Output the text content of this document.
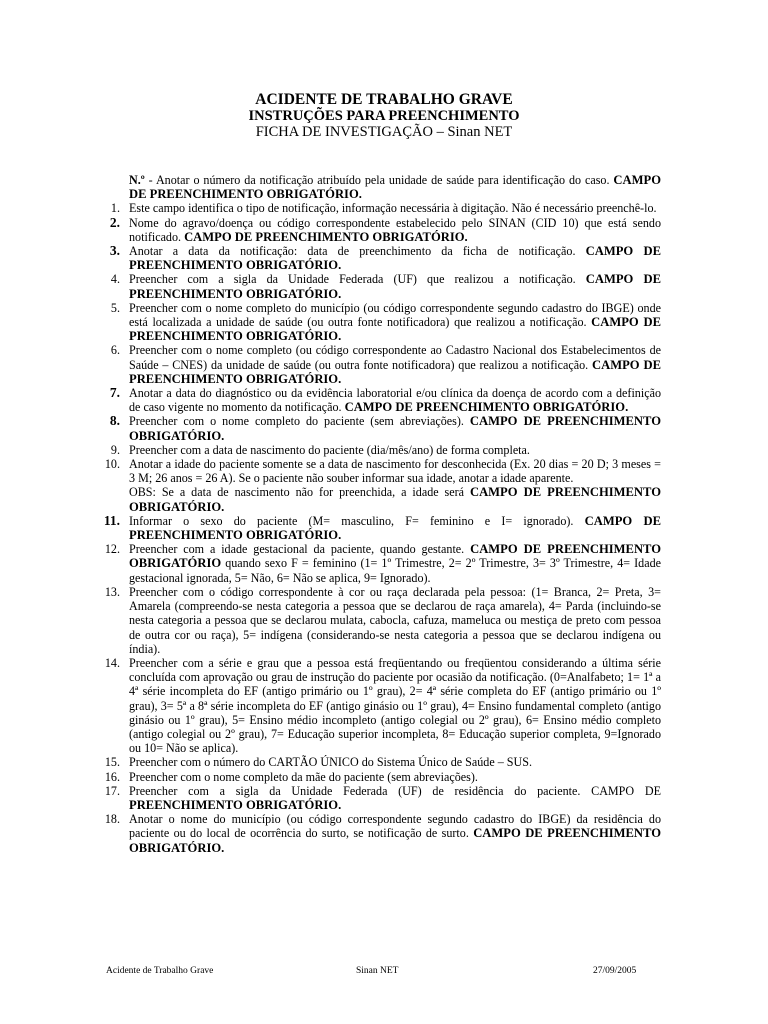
ACIDENTE DE TRABALHO GRAVE
INSTRUÇÕES PARA PREENCHIMENTO
FICHA DE INVESTIGAÇÃO – Sinan NET
N.º - Anotar o número da notificação atribuído pela unidade de saúde para identificação do caso. CAMPO DE PREENCHIMENTO OBRIGATÓRIO.
1. Este campo identifica o tipo de notificação, informação necessária à digitação. Não é necessário preenchê-lo.
2. Nome do agravo/doença ou código correspondente estabelecido pelo SINAN (CID 10) que está sendo notificado. CAMPO DE PREENCHIMENTO OBRIGATÓRIO.
3. Anotar a data da notificação: data de preenchimento da ficha de notificação. CAMPO DE PREENCHIMENTO OBRIGATÓRIO.
4. Preencher com a sigla da Unidade Federada (UF) que realizou a notificação. CAMPO DE PREENCHIMENTO OBRIGATÓRIO.
5. Preencher com o nome completo do município (ou código correspondente segundo cadastro do IBGE) onde está localizada a unidade de saúde (ou outra fonte notificadora) que realizou a notificação. CAMPO DE PREENCHIMENTO OBRIGATÓRIO.
6. Preencher com o nome completo (ou código correspondente ao Cadastro Nacional dos Estabelecimentos de Saúde – CNES) da unidade de saúde (ou outra fonte notificadora) que realizou a notificação. CAMPO DE PREENCHIMENTO OBRIGATÓRIO.
7. Anotar a data do diagnóstico ou da evidência laboratorial e/ou clínica da doença de acordo com a definição de caso vigente no momento da notificação. CAMPO DE PREENCHIMENTO OBRIGATÓRIO.
8. Preencher com o nome completo do paciente (sem abreviações). CAMPO DE PREENCHIMENTO OBRIGATÓRIO.
9. Preencher com a data de nascimento do paciente (dia/mês/ano) de forma completa.
10. Anotar a idade do paciente somente se a data de nascimento for desconhecida (Ex. 20 dias = 20 D; 3 meses = 3 M; 26 anos = 26 A). Se o paciente não souber informar sua idade, anotar a idade aparente.
OBS: Se a data de nascimento não for preenchida, a idade será CAMPO DE PREENCHIMENTO OBRIGATÓRIO.
11. Informar o sexo do paciente (M= masculino, F= feminino e I= ignorado). CAMPO DE PREENCHIMENTO OBRIGATÓRIO.
12. Preencher com a idade gestacional da paciente, quando gestante. CAMPO DE PREENCHIMENTO OBRIGATÓRIO quando sexo F = feminino (1= 1º Trimestre, 2= 2º Trimestre, 3= 3º Trimestre, 4= Idade gestacional ignorada, 5= Não, 6= Não se aplica, 9= Ignorado).
13. Preencher com o código correspondente à cor ou raça declarada pela pessoa: (1= Branca, 2= Preta, 3= Amarela (compreendo-se nesta categoria a pessoa que se declarou de raça amarela), 4= Parda (incluindo-se nesta categoria a pessoa que se declarou mulata, cabocla, cafuza, mameluca ou mestiça de preto com pessoa de outra cor ou raça), 5= indígena (considerando-se nesta categoria a pessoa que se declarou indígena ou índia).
14. Preencher com a série e grau que a pessoa está freqüentando ou freqüentou considerando a última série concluída com aprovação ou grau de instrução do paciente por ocasião da notificação. (0=Analfabeto; 1= 1ª a 4ª série incompleta do EF (antigo primário ou 1º grau), 2= 4ª série completa do EF (antigo primário ou 1º grau), 3= 5ª a 8ª série incompleta do EF (antigo ginásio ou 1º grau), 4= Ensino fundamental completo (antigo ginásio ou 1º grau), 5= Ensino médio incompleto (antigo colegial ou 2º grau), 6= Ensino médio completo (antigo colegial ou 2º grau), 7= Educação superior incompleta, 8= Educação superior completa, 9=Ignorado ou 10= Não se aplica).
15. Preencher com o número do CARTÃO ÚNICO do Sistema Único de Saúde – SUS.
16. Preencher com o nome completo da mãe do paciente (sem abreviações).
17. Preencher com a sigla da Unidade Federada (UF) de residência do paciente. CAMPO DE PREENCHIMENTO OBRIGATÓRIO.
18. Anotar o nome do município (ou código correspondente segundo cadastro do IBGE) da residência do paciente ou do local de ocorrência do surto, se notificação de surto. CAMPO DE PREENCHIMENTO OBRIGATÓRIO.
Acidente de Trabalho Grave	Sinan NET	27/09/2005
